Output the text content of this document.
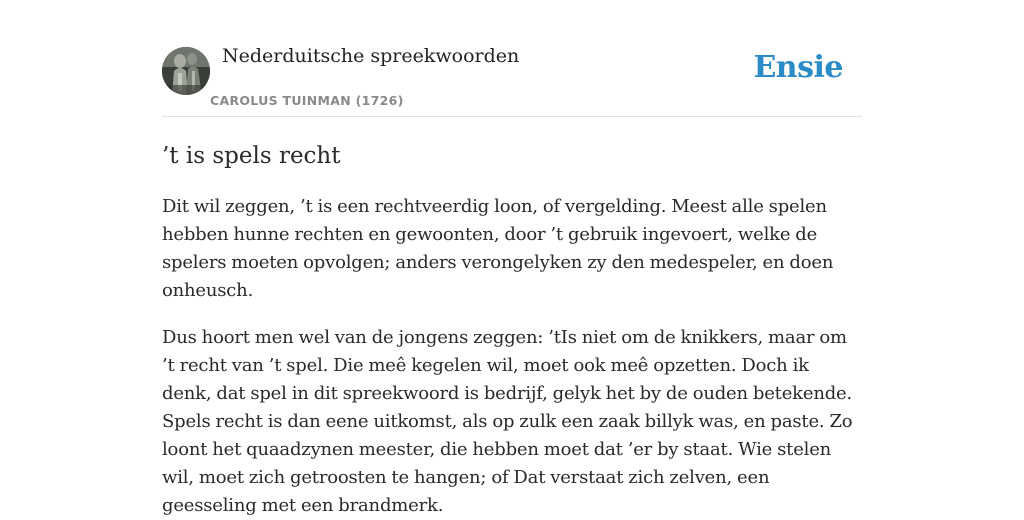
Nederduitsche spreekwoorden
CAROLUS TUINMAN (1726)
Ensie
’t is spels recht

Dit wil zeggen, ’t is een rechtveerdig loon, of vergelding. Meest alle spelen hebben hunne rechten en gewoonten, door ’t gebruik ingevoert, welke de spelers moeten opvolgen; anders verongelyken zy den medespeler, en doen onheusch.

Dus hoort men wel van de jongens zeggen: ’tIs niet om de knikkers, maar om ’t recht van ’t spel. Die meê kegelen wil, moet ook meê opzetten. Doch ik denk, dat spel in dit spreekwoord is bedrijf, gelyk het by de ouden betekende. Spels recht is dan eene uitkomst, als op zulk een zaak billyk was, en paste. Zo loont het quaadzynen meester, die hebben moet dat ’er by staat. Wie stelen wil, moet zich getroosten te hangen; of Dat verstaat zich zelven, een geesseling met een brandmerk.
